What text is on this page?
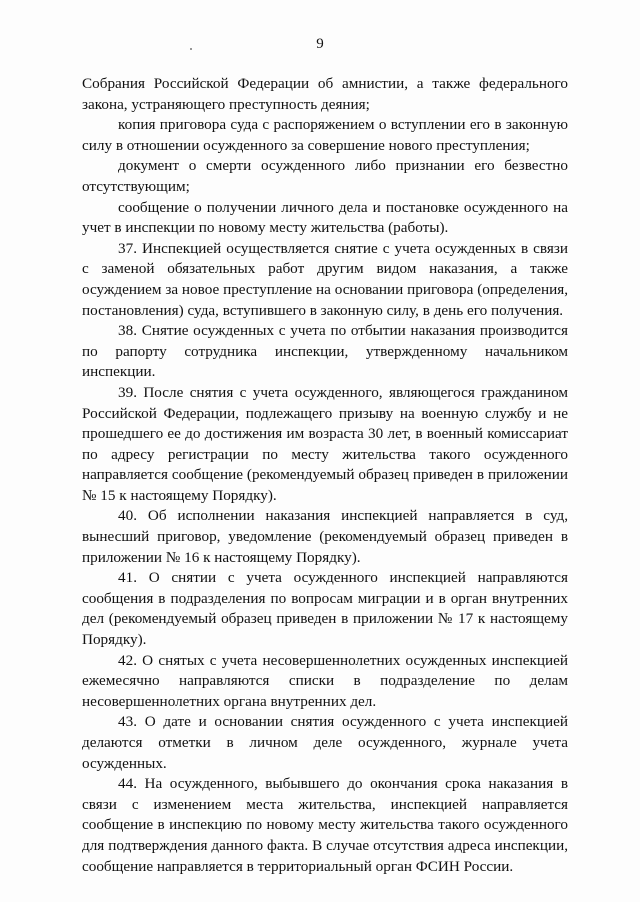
9

Собрания Российской Федерации об амнистии, а также федерального закона, устраняющего преступность деяния;

копия приговора суда с распоряжением о вступлении его в законную силу в отношении осужденного за совершение нового преступления;

документ о смерти осужденного либо признании его безвестно отсутствующим;

сообщение о получении личного дела и постановке осужденного на учет в инспекции по новому месту жительства (работы).

37. Инспекцией осуществляется снятие с учета осужденных в связи с заменой обязательных работ другим видом наказания, а также осуждением за новое преступление на основании приговора (определения, постановления) суда, вступившего в законную силу, в день его получения.

38. Снятие осужденных с учета по отбытии наказания производится по рапорту сотрудника инспекции, утвержденному начальником инспекции.

39. После снятия с учета осужденного, являющегося гражданином Российской Федерации, подлежащего призыву на военную службу и не прошедшего ее до достижения им возраста 30 лет, в военный комиссариат по адресу регистрации по месту жительства такого осужденного направляется сообщение (рекомендуемый образец приведен в приложении № 15 к настоящему Порядку).

40. Об исполнении наказания инспекцией направляется в суд, вынесший приговор, уведомление (рекомендуемый образец приведен в приложении № 16 к настоящему Порядку).

41. О снятии с учета осужденного инспекцией направляются сообщения в подразделения по вопросам миграции и в орган внутренних дел (рекомендуемый образец приведен в приложении № 17 к настоящему Порядку).

42. О снятых с учета несовершеннолетних осужденных инспекцией ежемесячно направляются списки в подразделение по делам несовершеннолетних органа внутренних дел.

43. О дате и основании снятия осужденного с учета инспекцией делаются отметки в личном деле осужденного, журнале учета осужденных.

44. На осужденного, выбывшего до окончания срока наказания в связи с изменением места жительства, инспекцией направляется сообщение в инспекцию по новому месту жительства такого осужденного для подтверждения данного факта. В случае отсутствия адреса инспекции, сообщение направляется в территориальный орган ФСИН России.
